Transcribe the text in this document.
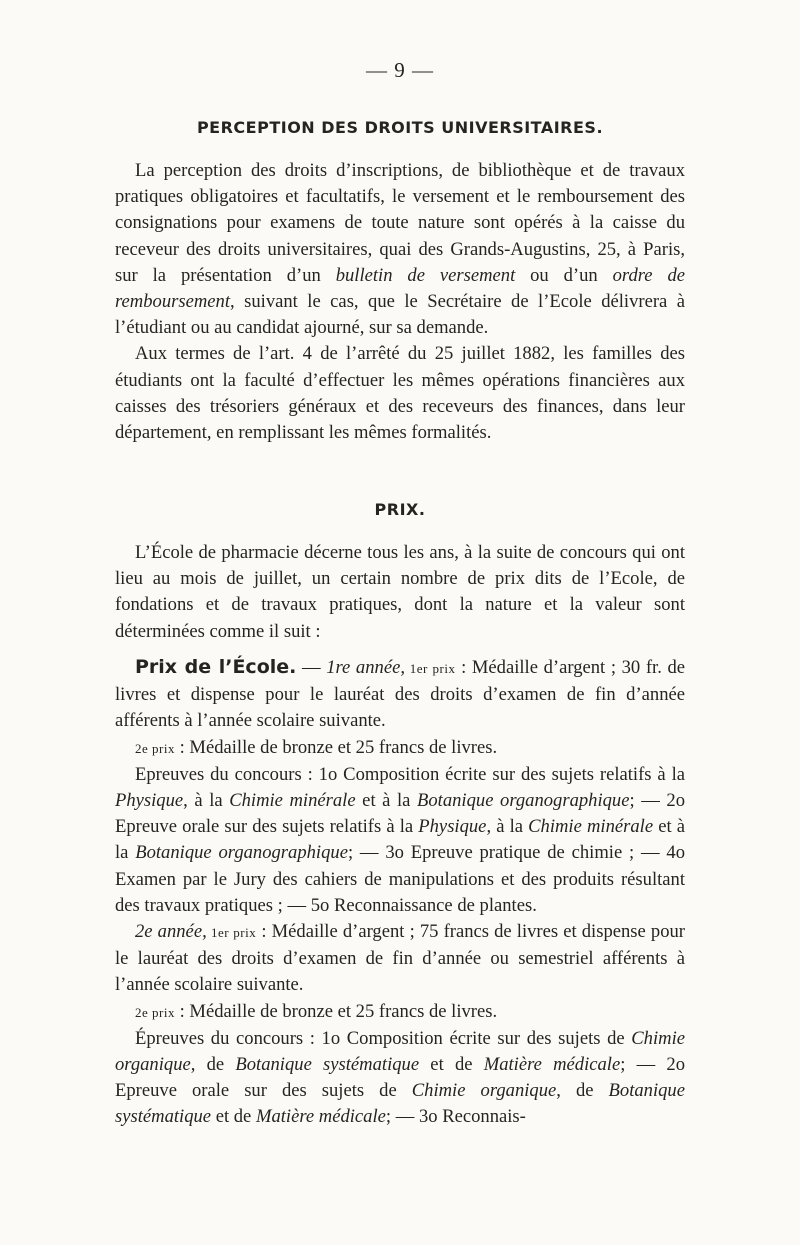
— 9 —
PERCEPTION DES DROITS UNIVERSITAIRES.

La perception des droits d’inscriptions, de bibliothèque et de travaux pratiques obligatoires et facultatifs, le versement et le remboursement des consignations pour examens de toute nature sont opérés à la caisse du receveur des droits universitaires, quai des Grands-Augustins, 25, à Paris, sur la présentation d’un bulletin de versement ou d’un ordre de remboursement, suivant le cas, que le Secrétaire de l’Ecole délivrera à l’étudiant ou au candidat ajourné, sur sa demande.

Aux termes de l’art. 4 de l’arrêté du 25 juillet 1882, les familles des étudiants ont la faculté d’effectuer les mêmes opérations financières aux caisses des trésoriers généraux et des receveurs des finances, dans leur département, en remplissant les mêmes formalités.

PRIX.

L’École de pharmacie décerne tous les ans, à la suite de concours qui ont lieu au mois de juillet, un certain nombre de prix dits de l’Ecole, de fondations et de travaux pratiques, dont la nature et la valeur sont déterminées comme il suit :

Prix de l’École. — 1re année, 1er prix : Médaille d’argent ; 30 fr. de livres et dispense pour le lauréat des droits d’examen de fin d’année afférents à l’année scolaire suivante.

2e prix : Médaille de bronze et 25 francs de livres.

Epreuves du concours : 1o Composition écrite sur des sujets relatifs à la Physique, à la Chimie minérale et à la Botanique organographique; — 2o Epreuve orale sur des sujets relatifs à la Physique, à la Chimie minérale et à la Botanique organographique; — 3o Epreuve pratique de chimie ; — 4o Examen par le Jury des cahiers de manipulations et des produits résultant des travaux pratiques ; — 5o Reconnaissance de plantes.

2e année, 1er prix : Médaille d’argent ; 75 francs de livres et dispense pour le lauréat des droits d’examen de fin d’année ou semestriel afférents à l’année scolaire suivante.

2e prix : Médaille de bronze et 25 francs de livres.

Épreuves du concours : 1o Composition écrite sur des sujets de Chimie organique, de Botanique systématique et de Matière médicale; — 2o Epreuve orale sur des sujets de Chimie organique, de Botanique systématique et de Matière médicale; — 3o Reconnais-
